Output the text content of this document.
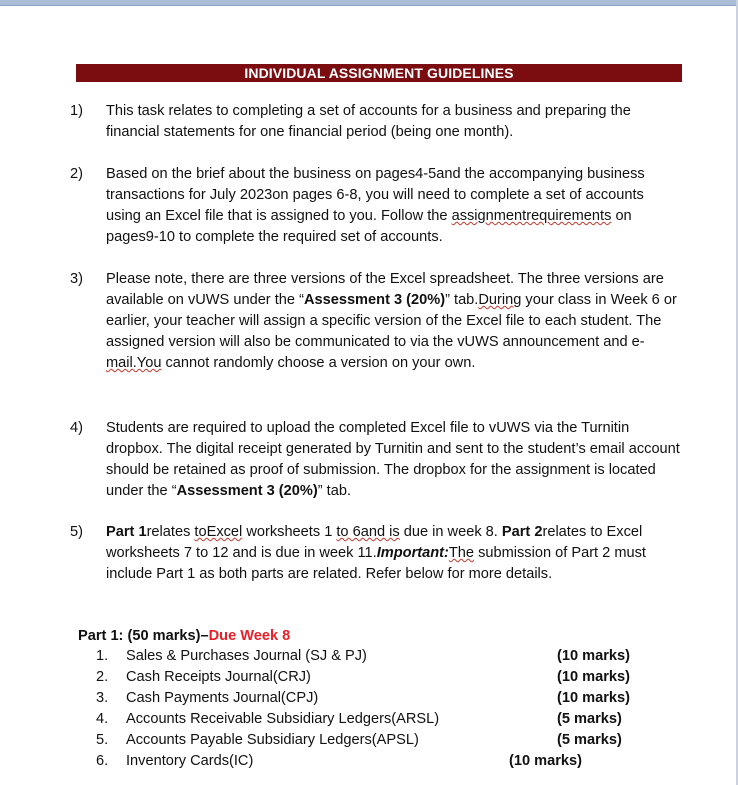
INDIVIDUAL ASSIGNMENT GUIDELINES
1) This task relates to completing a set of accounts for a business and preparing the financial statements for one financial period (being one month).
2) Based on the brief about the business on pages4-5and the accompanying business transactions for July 2023on pages 6-8, you will need to complete a set of accounts using an Excel file that is assigned to you. Follow the assignmentrequirements on pages9-10 to complete the required set of accounts.
3) Please note, there are three versions of the Excel spreadsheet. The three versions are available on vUWS under the “Assessment 3 (20%)” tab.During your class in Week 6 or earlier, your teacher will assign a specific version of the Excel file to each student. The assigned version will also be communicated to via the vUWS announcement and e-mail.You cannot randomly choose a version on your own.
4) Students are required to upload the completed Excel file to vUWS via the Turnitin dropbox. The digital receipt generated by Turnitin and sent to the student’s email account should be retained as proof of submission. The dropbox for the assignment is located under the “Assessment 3 (20%)” tab.
5) Part 1relates toExcel worksheets 1 to 6and is due in week 8. Part 2relates to Excel worksheets 7 to 12 and is due in week 11.Important:The submission of Part 2 must include Part 1 as both parts are related. Refer below for more details.
Part 1: (50 marks)–Due Week 8
1. Sales & Purchases Journal (SJ & PJ)	(10 marks)
2. Cash Receipts Journal(CRJ)	(10 marks)
3. Cash Payments Journal(CPJ)	(10 marks)
4. Accounts Receivable Subsidiary Ledgers(ARSL)	(5 marks)
5. Accounts Payable Subsidiary Ledgers(APSL)	(5 marks)
6. Inventory Cards(IC)	(10 marks)
